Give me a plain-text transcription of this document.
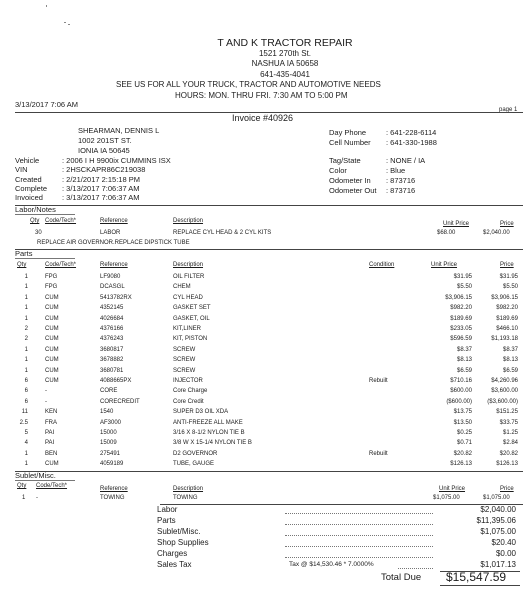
T AND K TRACTOR REPAIR
1521 270th St.
NASHUA IA 50658
641-435-4041
SEE US FOR ALL YOUR TRUCK, TRACTOR AND AUTOMOTIVE NEEDS
HOURS: MON. THRU FRI. 7:30 AM TO 5:00 PM
3/13/2017 7:06 AM
page 1
Invoice #40926
SHEARMAN, DENNIS L
1002 201ST ST.
IONIA IA 50645
Vehicle	: 2006 I H 9900ix CUMMINS ISX
VIN	: 2HSCKAPR86C219038
Created	: 2/21/2017 2:15:18 PM
Complete : 3/13/2017 7:06:37 AM
Invoiced	: 3/13/2017 7:06:37 AM
Day Phone	: 641-228-6114
Cell Number : 641-330-1988
Tag/State	: NONE / IA
Color	: Blue
Odometer In : 873716
Odometer Out : 873716
Labor/Notes
Qty Code/Tech*	Reference	Description	Unit Price	Price
30	LABOR	REPLACE CYL HEAD & 2 CYL KITS	$68.00	$2,040.00
REPLACE AIR GOVERNOR.REPLACE DIPSTICK TUBE
Parts
Qty	Code/Tech*	Reference	Description	Condition	Unit Price	Price
1	FPG	LF9080	OIL FILTER	$31.95	$31.95
1	FPG	DCASGL	CHEM	$5.50	$5.50
1	CUM	5413782RX	CYL HEAD	$3,906.15	$3,906.15
1	CUM	4352145	GASKET SET	$982.20	$982.20
1	CUM	4026684	GASKET, OIL	$189.69	$189.69
2	CUM	4376166	KIT,LINER	$233.05	$466.10
2	CUM	4376243	KIT, PISTON	$596.59	$1,193.18
1	CUM	3680817	SCREW	$8.37	$8.37
1	CUM	3678882	SCREW	$8.13	$8.13
1	CUM	3680781	SCREW	$6.59	$6.59
6	CUM	4088665PX	INJECTOR	Rebuilt	$710.16	$4,260.96
6	-	CORE	Core Charge	$600.00	$3,600.00
6	-	CORECREDIT	Core Credit	($600.00)	($3,600.00)
11	KEN	1540	SUPER D3 OIL XDA	$13.75	$151.25
2.5	FRA	AF3000	ANTI-FREEZE ALL MAKE	$13.50	$33.75
5	PAI	15000	3/16 X 8-1/2 NYLON TIE B	$0.25	$1.25
4	PAI	15009	3/8 W X 15-1/4 NYLON TIE B	$0.71	$2.84
1	BEN	275491	D2 GOVERNOR	Rebuilt	$20.82	$20.82
1	CUM	4059189	TUBE, GAUGE	$126.13	$126.13
Sublet/Misc.
Qty Code/Tech*	Reference	Description	Unit Price	Price
1 -	TOWING	TOWING	$1,075.00	$1,075.00
Labor	$2,040.00
Parts	$11,395.06
Sublet/Misc.	$1,075.00
Shop Supplies	$20.40
Charges	$0.00
Sales Tax	Tax @ $14,530.46 * 7.0000%	$1,017.13
Total Due $15,547.59
